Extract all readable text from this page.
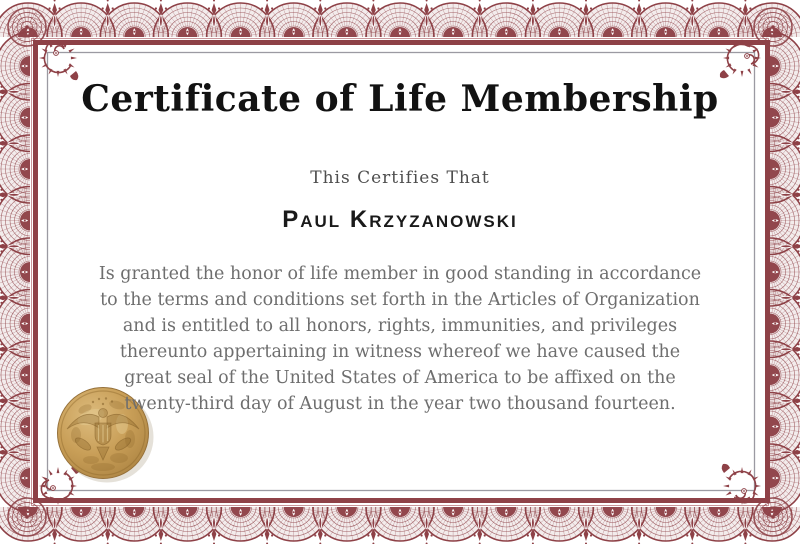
Certificate of Life Membership
This Certifies That
Paul Krzyzanowski

Is granted the honor of life member in good standing in accordance to the terms and conditions set forth in the Articles of Organization and is entitled to all honors, rights, immunities, and privileges thereunto appertaining in witness whereof we have caused the great seal of the United States of America to be affixed on the twenty-third day of August in the year two thousand fourteen.
